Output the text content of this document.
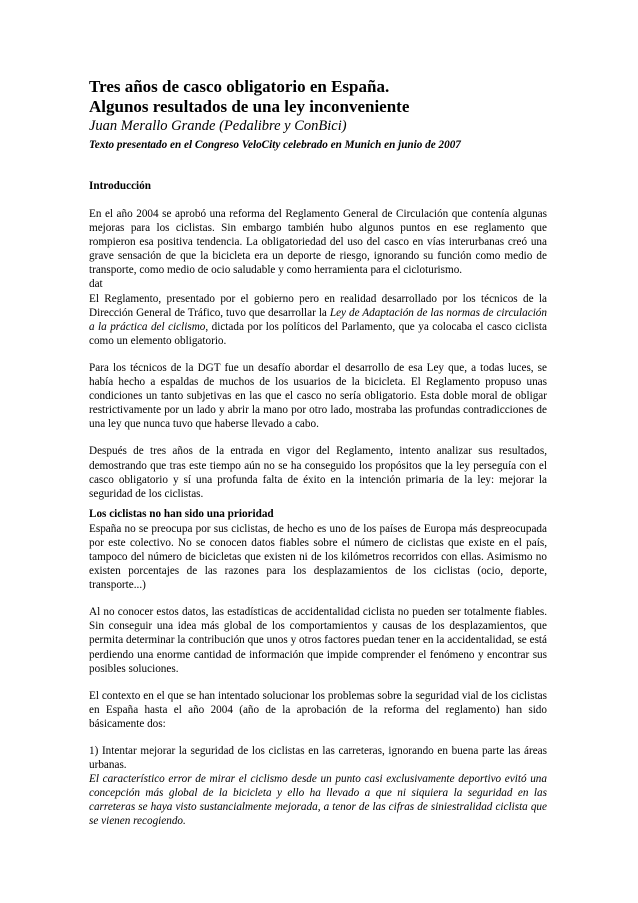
Tres años de casco obligatorio en España.
Algunos resultados de una ley inconveniente

Juan Merallo Grande (Pedalibre y ConBici)

Texto presentado en el Congreso VeloCity celebrado en Munich en junio de 2007

Introducción

En el año 2004 se aprobó una reforma del Reglamento General de Circulación que contenía algunas mejoras para los ciclistas. Sin embargo también hubo algunos puntos en ese reglamento que rompieron esa positiva tendencia. La obligatoriedad del uso del casco en vías interurbanas creó una grave sensación de que la bicicleta era un deporte de riesgo, ignorando su función como medio de transporte, como medio de ocio saludable y como herramienta para el cicloturismo.

dat

El Reglamento, presentado por el gobierno pero en realidad desarrollado por los técnicos de la Dirección General de Tráfico, tuvo que desarrollar la Ley de Adaptación de las normas de circulación a la práctica del ciclismo, dictada por los políticos del Parlamento, que ya colocaba el casco ciclista como un elemento obligatorio.

Para los técnicos de la DGT fue un desafío abordar el desarrollo de esa Ley que, a todas luces, se había hecho a espaldas de muchos de los usuarios de la bicicleta. El Reglamento propuso unas condiciones un tanto subjetivas en las que el casco no sería obligatorio. Esta doble moral de obligar restrictivamente por un lado y abrir la mano por otro lado, mostraba las profundas contradicciones de una ley que nunca tuvo que haberse llevado a cabo.

Después de tres años de la entrada en vigor del Reglamento, intento analizar sus resultados, demostrando que tras este tiempo aún no se ha conseguido los propósitos que la ley perseguía con el casco obligatorio y sí una profunda falta de éxito en la intención primaria de la ley: mejorar la seguridad de los ciclistas.

Los ciclistas no han sido una prioridad

España no se preocupa por sus ciclistas, de hecho es uno de los países de Europa más despreocupada por este colectivo. No se conocen datos fiables sobre el número de ciclistas que existe en el país, tampoco del número de bicicletas que existen ni de los kilómetros recorridos con ellas. Asimismo no existen porcentajes de las razones para los desplazamientos de los ciclistas (ocio, deporte, transporte...)

Al no conocer estos datos, las estadísticas de accidentalidad ciclista no pueden ser totalmente fiables. Sin conseguir una idea más global de los comportamientos y causas de los desplazamientos, que permita determinar la contribución que unos y otros factores puedan tener en la accidentalidad, se está perdiendo una enorme cantidad de información que impide comprender el fenómeno y encontrar sus posibles soluciones.

El contexto en el que se han intentado solucionar los problemas sobre la seguridad vial de los ciclistas en España hasta el año 2004 (año de la aprobación de la reforma del reglamento) han sido básicamente dos:

1) Intentar mejorar la seguridad de los ciclistas en las carreteras, ignorando en buena parte las áreas urbanas.

El característico error de mirar el ciclismo desde un punto casi exclusivamente deportivo evitó una concepción más global de la bicicleta y ello ha llevado a que ni siquiera la seguridad en las carreteras se haya visto sustancialmente mejorada, a tenor de las cifras de siniestralidad ciclista que se vienen recogiendo.
